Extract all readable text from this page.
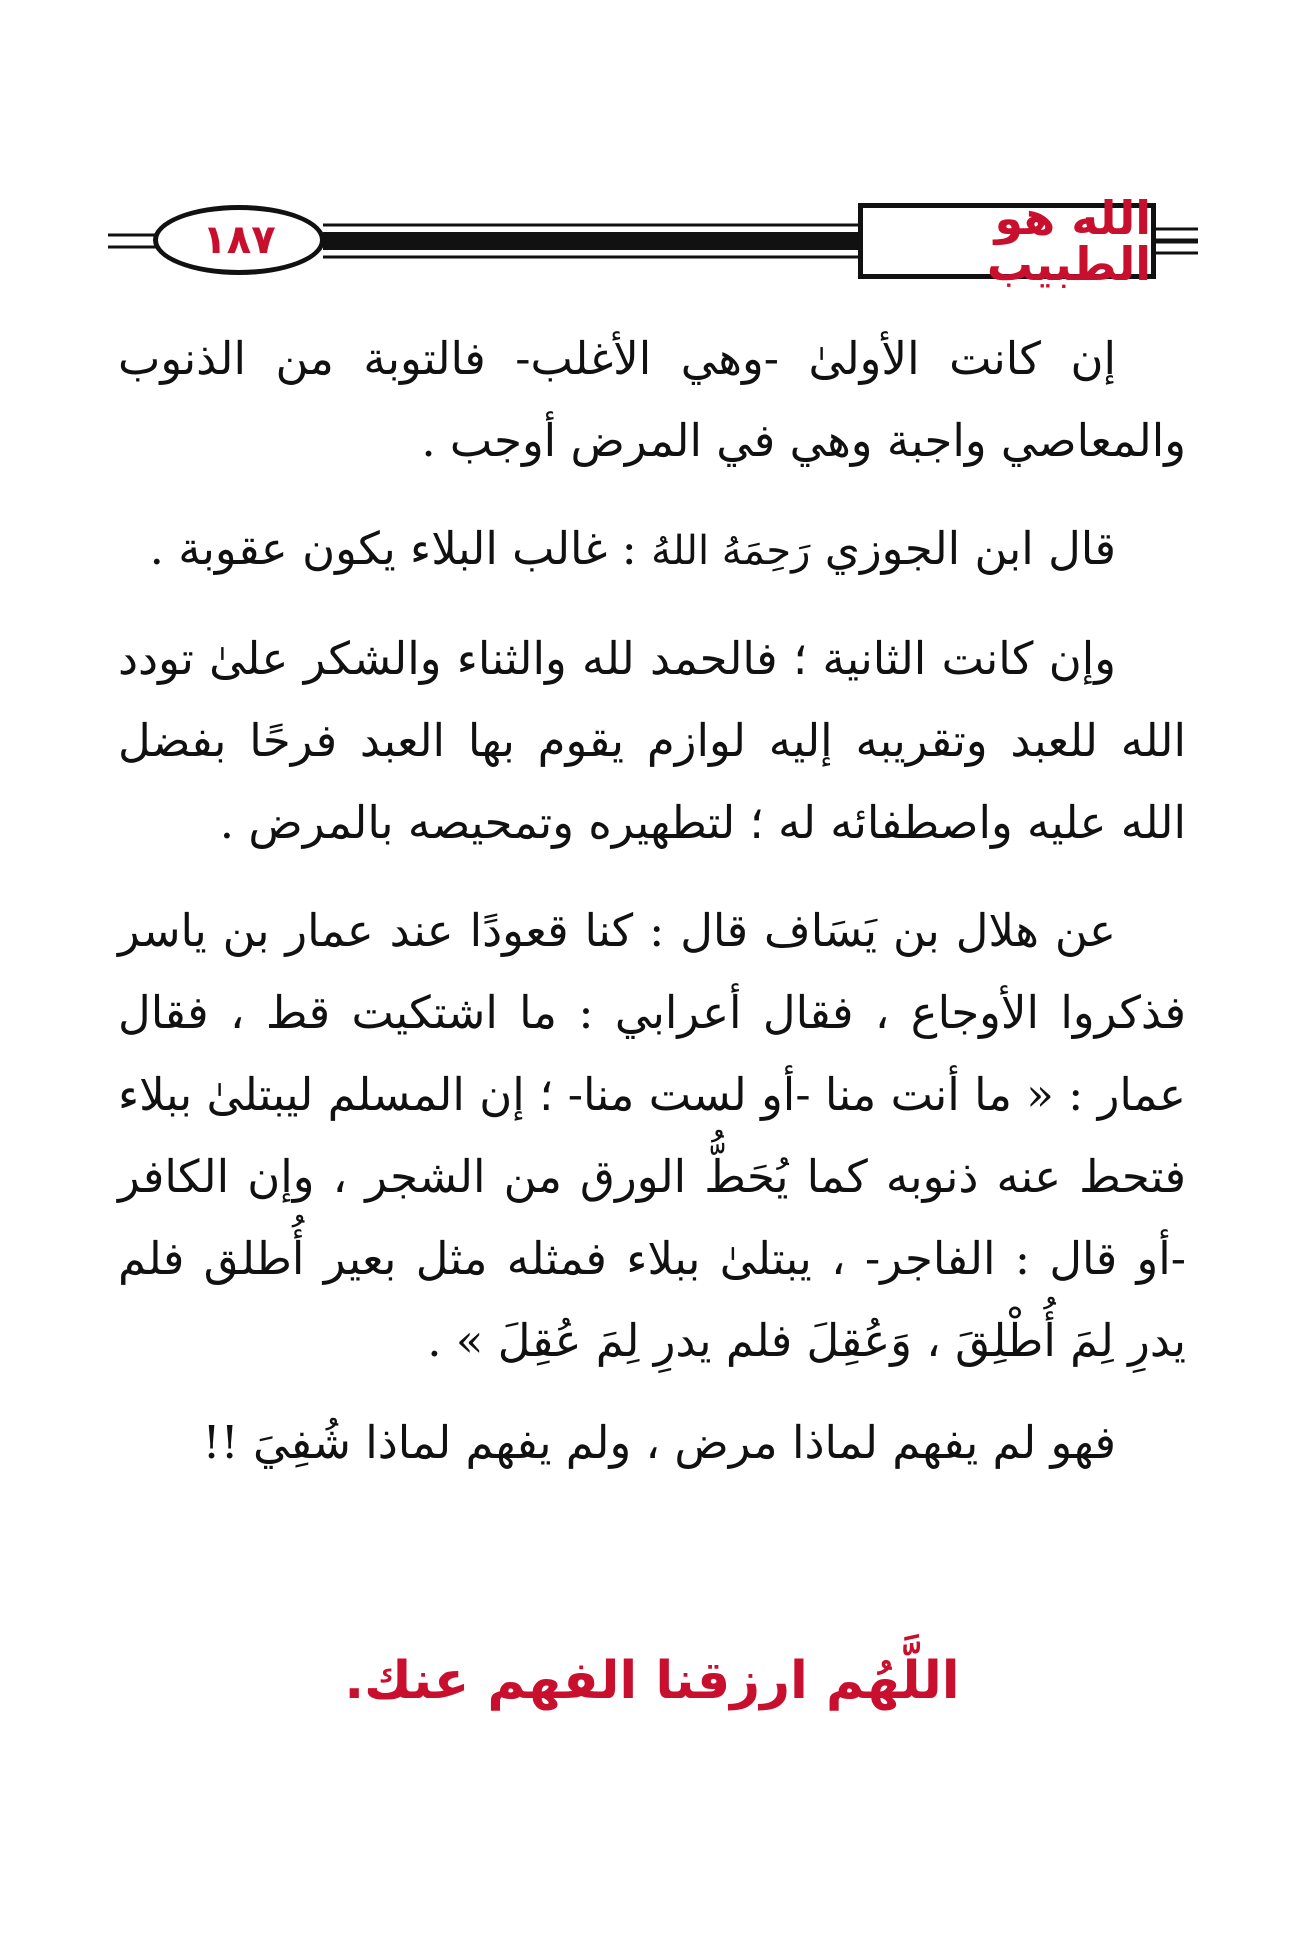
١٨٧	الله هو الطبيب

إن كانت الأولىٰ -وهي الأغلب- فالتوبة من الذنوب والمعاصي واجبة وهي في المرض أوجب .

قال ابن الجوزي رَحِمَهُ اللهُ : غالب البلاء يكون عقوبة .

وإن كانت الثانية ؛ فالحمد لله والثناء والشكر علىٰ تودد الله للعبد وتقريبه إليه لوازم يقوم بها العبد فرحًا بفضل الله عليه واصطفائه له ؛ لتطهيره وتمحيصه بالمرض .

عن هلال بن يَسَاف قال : كنا قعودًا عند عمار بن ياسر فذكروا الأوجاع ، فقال أعرابي : ما اشتكيت قط ، فقال عمار : « ما أنت منا -أو لست منا- ؛ إن المسلم ليبتلىٰ ببلاء فتحط عنه ذنوبه كما يُحَطُّ الورق من الشجر ، وإن الكافر -أو قال : الفاجر- ، يبتلىٰ ببلاء فمثله مثل بعير أُطلق فلم يدرِ لِمَ أُطْلِقَ ، وَعُقِلَ فلم يدرِ لِمَ عُقِلَ » .

فهو لم يفهم لماذا مرض ، ولم يفهم لماذا شُفِيَ !!

اللَّهُم ارزقنا الفهم عنك.
